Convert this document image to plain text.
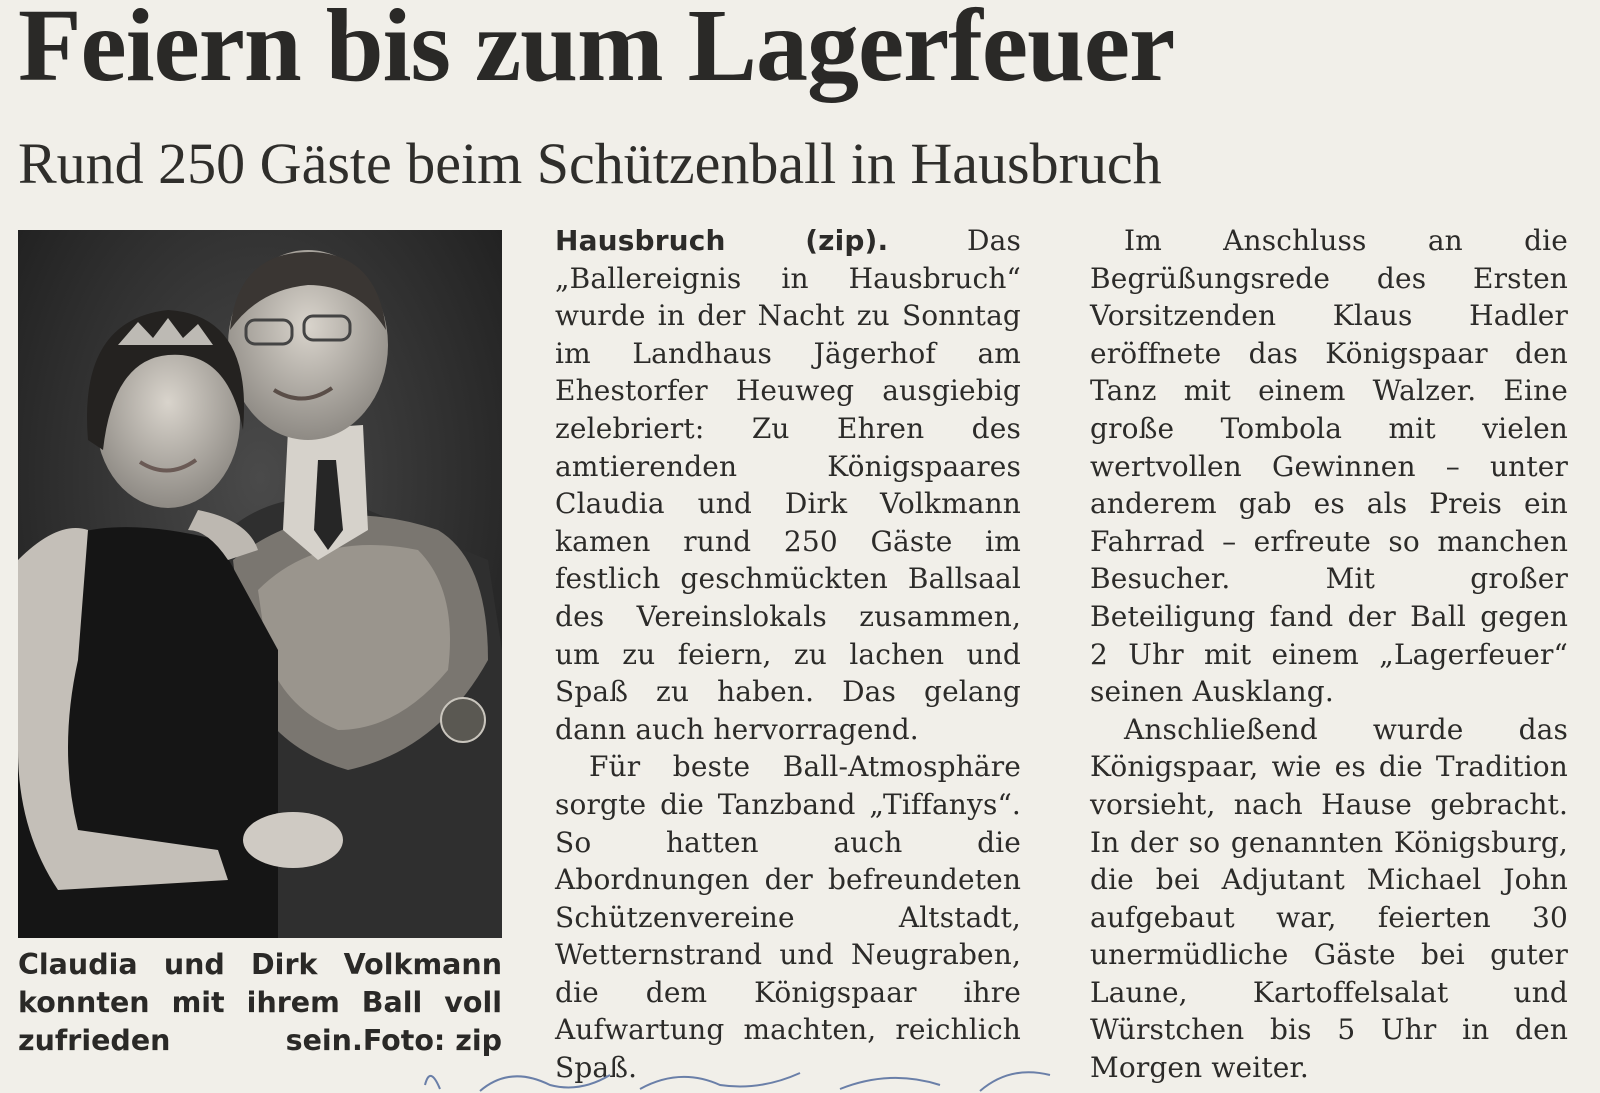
Feiern bis zum Lagerfeuer
Rund 250 Gäste beim Schützenball in Hausbruch
Claudia und Dirk Volkmann konnten mit ihrem Ball voll zufrieden sein. Foto: zip

Hausbruch (zip).	Das „Ballereignis in Hausbruch“ wurde in der Nacht zu Sonntag im Landhaus Jägerhof am Ehestorfer Heuweg ausgiebig zelebriert: Zu Ehren des amtierenden Königspaares Claudia und Dirk Volkmann kamen rund 250 Gäste im festlich geschmückten Ballsaal des Vereinslokals zusammen, um zu feiern, zu lachen und Spaß zu haben. Das gelang dann auch hervorragend.

Für beste Ball-Atmosphäre sorgte die Tanzband „Tiffanys“. So hatten auch die Abordnungen der befreundeten Schützenvereine Altstadt, Wetternstrand und Neugraben, die dem Königspaar ihre Aufwartung machten, reichlich Spaß.

Im Anschluss an die Begrüßungsrede des Ersten Vorsitzenden Klaus Hadler eröffnete das Königspaar den Tanz mit einem Walzer. Eine große Tombola mit vielen wertvollen Gewinnen – unter anderem gab es als Preis ein Fahrrad – erfreute so manchen Besucher. Mit großer Beteiligung fand der Ball gegen 2 Uhr mit einem „Lagerfeuer“ seinen Ausklang.

Anschließend wurde das Königspaar, wie es die Tradition vorsieht, nach Hause gebracht. In der so genannten Königsburg, die bei Adjutant Michael John aufgebaut war, feierten 30 unermüdliche Gäste bei guter Laune, Kartoffelsalat und Würstchen bis 5 Uhr in den Morgen weiter.
